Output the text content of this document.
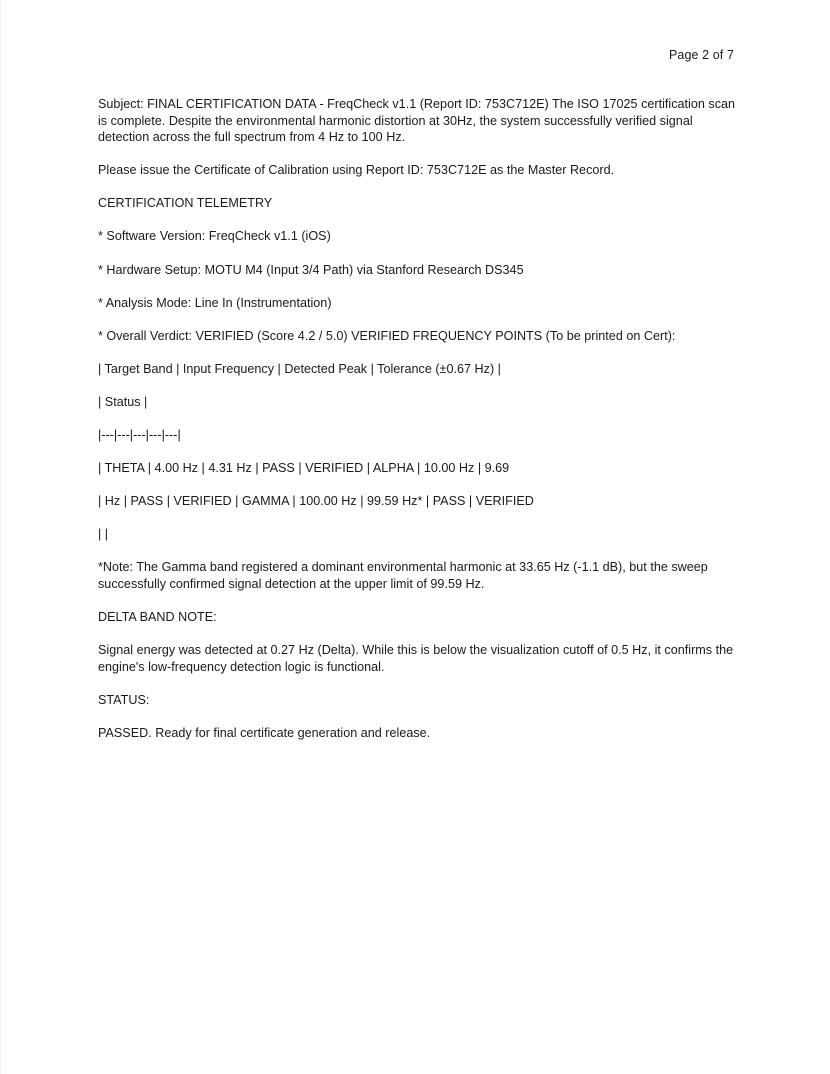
Page 2 of 7

Subject: FINAL CERTIFICATION DATA - FreqCheck v1.1 (Report ID: 753C712E) The ISO 17025 certification scan is complete. Despite the environmental harmonic distortion at 30Hz, the system successfully verified signal detection across the full spectrum from 4 Hz to 100 Hz.

Please issue the Certificate of Calibration using Report ID: 753C712E as the Master Record.

CERTIFICATION TELEMETRY

* Software Version: FreqCheck v1.1 (iOS)

* Hardware Setup: MOTU M4 (Input 3/4 Path) via Stanford Research DS345

* Analysis Mode: Line In (Instrumentation)

* Overall Verdict: VERIFIED (Score 4.2 / 5.0) VERIFIED FREQUENCY POINTS (To be printed on Cert):

| Target Band | Input Frequency | Detected Peak | Tolerance (±0.67 Hz) |

| Status |

|---|---|---|---|---|

| THETA | 4.00 Hz | 4.31 Hz | PASS | VERIFIED | ALPHA | 10.00 Hz | 9.69

| Hz | PASS | VERIFIED | GAMMA | 100.00 Hz | 99.59 Hz* | PASS | VERIFIED

| |

*Note: The Gamma band registered a dominant environmental harmonic at 33.65 Hz (-1.1 dB), but the sweep successfully confirmed signal detection at the upper limit of 99.59 Hz.

DELTA BAND NOTE:

Signal energy was detected at 0.27 Hz (Delta). While this is below the visualization cutoff of 0.5 Hz, it confirms the engine's low-frequency detection logic is functional.

STATUS:

PASSED. Ready for final certificate generation and release.
